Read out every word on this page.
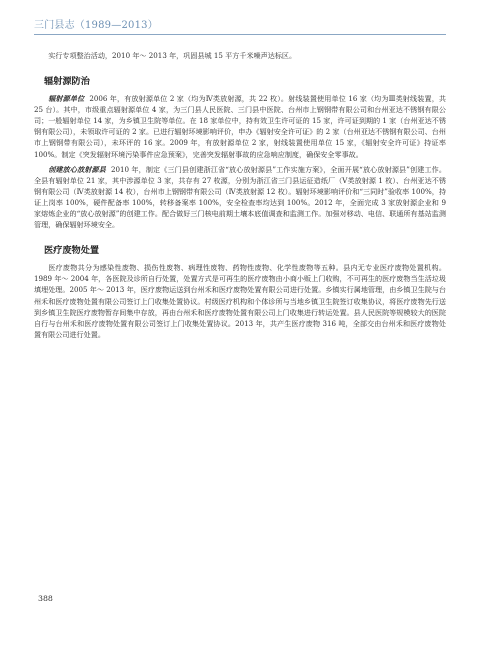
三门县志（1989—2013）

实行专项整治活动，2010 年～ 2013 年，巩固县城 15 平方千米噪声达标区。

辐射源防治

辐射源单位 2006 年，有放射源单位 2 家（均为Ⅳ类放射源，共 22 枚）。射线装置使用单位 16 家（均为Ⅲ类射线装置，共 25 台）。其中，市级重点辐射源单位 4 家，为三门县人民医院、三门县中医院、台州市上钢钢带有限公司和台州亚达不锈钢有限公司；一般辐射单位 14 家，为乡镇卫生院等单位。在 18 家单位中，持有效卫生许可证的 15 家，许可证到期的 1 家（台州亚达不锈钢有限公司），未领取许可证的 2 家。已进行辐射环境影响评价，申办《辐射安全许可证》的 2 家（台州亚达不锈钢有限公司、台州市上钢钢带有限公司），未环评的 16 家。2009 年，有放射源单位 2 家，射线装置使用单位 15 家，《辐射安全许可证》持证率 100%。制定《突发辐射环境污染事件应急预案》，完善突发辐射事故的应急响应制度，确保安全零事故。

创建放心放射源县 2010 年，制定《三门县创建浙江省“放心放射源县”工作实施方案》，全面开展“放心放射源县”创建工作。全县有辐射单位 21 家，其中涉源单位 3 家，共存有 27 枚源，分别为浙江省三门县运征造纸厂（Ⅴ类放射源 1 枚）、台州亚达不锈钢有限公司（Ⅳ类放射源 14 枚），台州市上钢钢带有限公司（Ⅳ类放射源 12 枚）。辐射环境影响评价和“三同时”验收率 100%，持证上岗率 100%，硬件配备率 100%，转移备案率 100%，安全检查率均达到 100%。2012 年，全面完成 3 家放射源企业和 9 家熔炼企业的“放心放射源”的创建工作。配合做好三门核电前期土壤本底值调查和监测工作。加强对移动、电信、联通所有基站监测管理，确保辐射环境安全。

医疗废物处置

医疗废物共分为感染性废物、损伤性废物、病理性废物、药物性废物、化学性废物等五种。县内无专业医疗废物处置机构。1989 年～ 2004 年，各医院及诊所自行处置，处置方式是可再生的医疗废物由小商小贩上门收购，不可再生的医疗废物当生活垃圾填埋处理。2005 年～ 2013 年，医疗废物运送到台州禾和医疗废物处置有限公司进行处置。乡镇实行属地管理，由乡镇卫生院与台州禾和医疗废物处置有限公司签订上门收集处置协议。村级医疗机构和个体诊所与当地乡镇卫生院签订收集协议，将医疗废物先行送到乡镇卫生院医疗废物暂存间集中存放，再由台州禾和医疗废物处置有限公司上门收集进行转运处置。县人民医院等规模较大的医院自行与台州禾和医疗废物处置有限公司签订上门收集处置协议。2013 年，共产生医疗废物 316 吨，全部交由台州禾和医疗废物处置有限公司进行处置。

388
